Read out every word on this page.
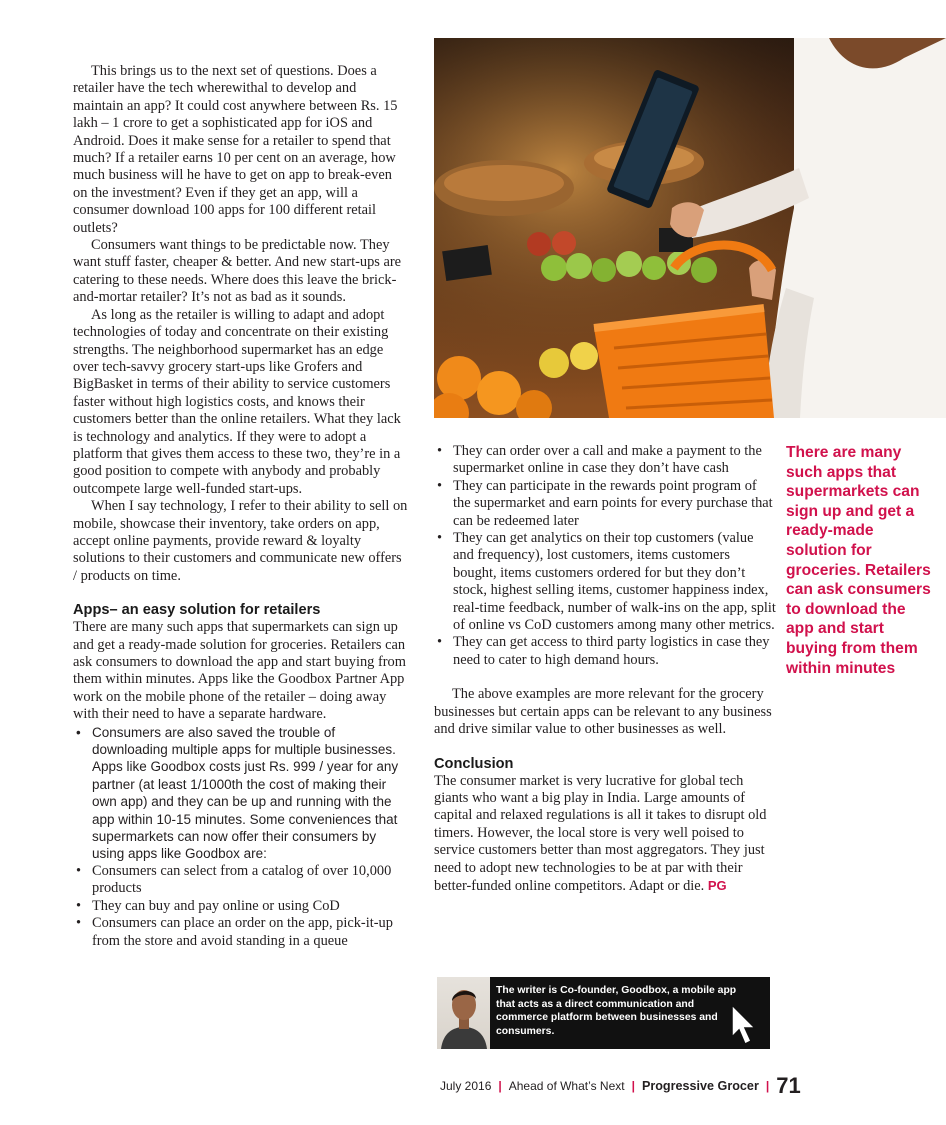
This brings us to the next set of questions. Does a retailer have the tech wherewithal to develop and maintain an app? It could cost anywhere between Rs. 15 lakh – 1 crore to get a sophisticated app for iOS and Android. Does it make sense for a retailer to spend that much? If a retailer earns 10 per cent on an average, how much business will he have to get on app to break-even on the investment? Even if they get an app, will a consumer download 100 apps for 100 different retail outlets?

Consumers want things to be predictable now. They want stuff faster, cheaper & better. And new start-ups are catering to these needs. Where does this leave the brick-and-mortar retailer? It’s not as bad as it sounds.

As long as the retailer is willing to adapt and adopt technologies of today and concentrate on their existing strengths. The neighborhood supermarket has an edge over tech-savvy grocery start-ups like Grofers and BigBasket in terms of their ability to service customers faster without high logistics costs, and knows their customers better than the online retailers. What they lack is technology and analytics. If they were to adopt a platform that gives them access to these two, they’re in a good position to compete with anybody and probably outcompete large well-funded start-ups.

When I say technology, I refer to their ability to sell on mobile, showcase their inventory, take orders on app, accept online payments, provide reward & loyalty solutions to their customers and communicate new offers / products on time.

Apps– an easy solution for retailers

There are many such apps that supermarkets can sign up and get a ready-made solution for groceries. Retailers can ask consumers to download the app and start buying from them within minutes. Apps like the Goodbox Partner App work on the mobile phone of the retailer – doing away with their need to have a separate hardware.

• Consumers are also saved the trouble of downloading multiple apps for multiple businesses. Apps like Goodbox costs just Rs. 999 / year for any partner (at least 1/1000th the cost of making their own app) and they can be up and running with the app within 10-15 minutes. Some conveniences that supermarkets can now offer their consumers by using apps like Goodbox are:
• Consumers can select from a catalog of over 10,000 products
• They can buy and pay online or using CoD
• Consumers can place an order on the app, pick-it-up from the store and avoid standing in a queue
• They can order over a call and make a payment to the supermarket online in case they don’t have cash
• They can participate in the rewards point program of the supermarket and earn points for every purchase that can be redeemed later
• They can get analytics on their top customers (value and frequency), lost customers, items customers bought, items customers ordered for but they don’t stock, highest selling items, customer happiness index, real-time feedback, number of walk-ins on the app, split of online vs CoD customers among many other metrics.
• They can get access to third party logistics in case they need to cater to high demand hours.

The above examples are more relevant for the grocery businesses but certain apps can be relevant to any business and drive similar value to other businesses as well.

Conclusion

The consumer market is very lucrative for global tech giants who want a big play in India. Large amounts of capital and relaxed regulations is all it takes to disrupt old timers. However, the local store is very well poised to service customers better than most aggregators. They just need to adopt new technologies to be at par with their better-funded online competitors. Adapt or die. PG

There are many such apps that supermarkets can sign up and get a ready-made solution for groceries. Retailers can ask consumers to download the app and start buying from them within minutes
The writer is Co-founder, Goodbox, a mobile app that acts as a direct communication and commerce platform between businesses and consumers.
July 2016 | Ahead of What’s Next | Progressive Grocer | 71
